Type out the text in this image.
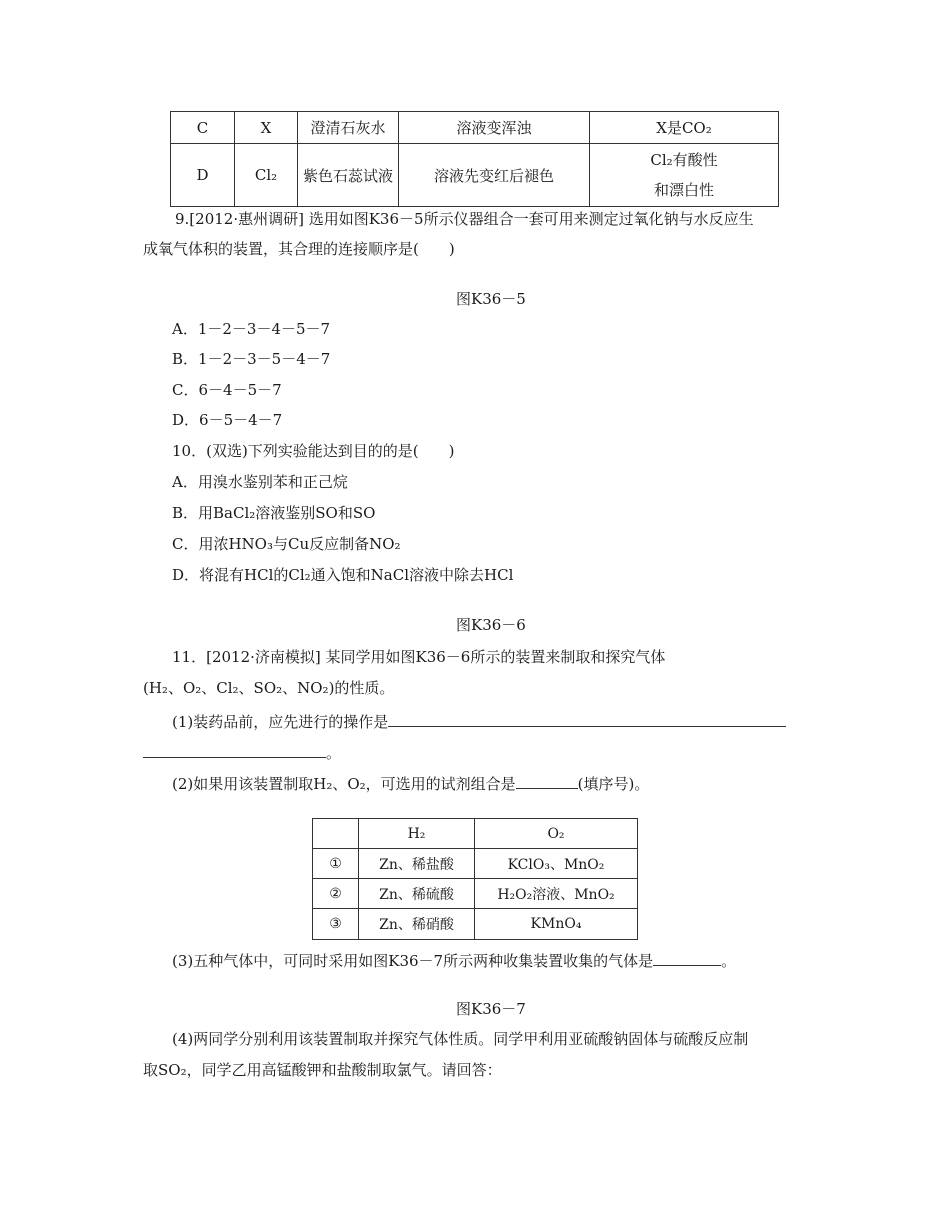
C	X	澄清石灰水	溶液变浑浊	X是CO₂
D	Cl₂	紫色石蕊试液	溶液先变红后褪色	Cl₂有酸性
和漂白性
9.[2012·惠州调研] 选用如图K36－5所示仪器组合一套可用来测定过氧化钠与水反应生
成氧气体积的装置，其合理的连接顺序是(　　)
图K36－5
A．1－2－3－4－5－7
B．1－2－3－5－4－7
C．6－4－5－7
D．6－5－4－7
10．(双选)下列实验能达到目的的是(　　)
A．用溴水鉴别苯和正己烷
B．用BaCl₂溶液鉴别SO和SO
C．用浓HNO₃与Cu反应制备NO₂
D．将混有HCl的Cl₂通入饱和NaCl溶液中除去HCl
图K36－6
11．[2012·济南模拟] 某同学用如图K36－6所示的装置来制取和探究气体
(H₂、O₂、Cl₂、SO₂、NO₂)的性质。
(1)装药品前，应先进行的操作是
。
(2)如果用该装置制取H₂、O₂，可选用的试剂组合是	(填序号)。
	H₂	O₂
①	Zn、稀盐酸	KClO₃、MnO₂
②	Zn、稀硫酸	H₂O₂溶液、MnO₂
③	Zn、稀硝酸	KMnO₄
(3)五种气体中，可同时采用如图K36－7所示两种收集装置收集的气体是	。
图K36－7
(4)两同学分别利用该装置制取并探究气体性质。同学甲利用亚硫酸钠固体与硫酸反应制
取SO₂，同学乙用高锰酸钾和盐酸制取氯气。请回答：
